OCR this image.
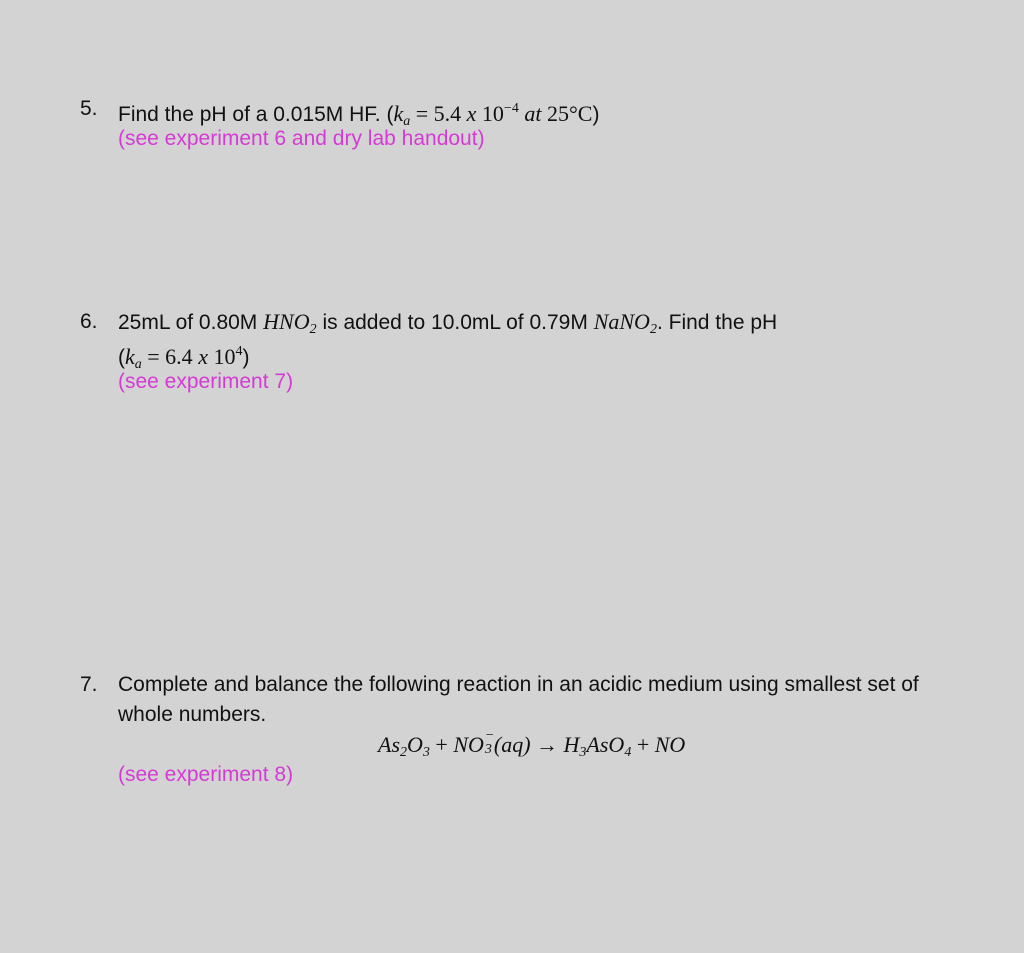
5. Find the pH of a 0.015M HF. ($k_a = 5.4$ x $10^{-4}$ at 25°C)
(see experiment 6 and dry lab handout)
6. 25mL of 0.80M $HNO_2$ is added to 10.0mL of 0.79M NaNO$_2$. Find the pH
($k_a = 6.4$ x $10^4$)
(see experiment 7)
7. Complete and balance the following reaction in an acidic medium using smallest set of
whole numbers.
$As_2O_3$ + NO −
3 $(aq) \to H_3AsO_4$ + NO
(see experiment 8)
